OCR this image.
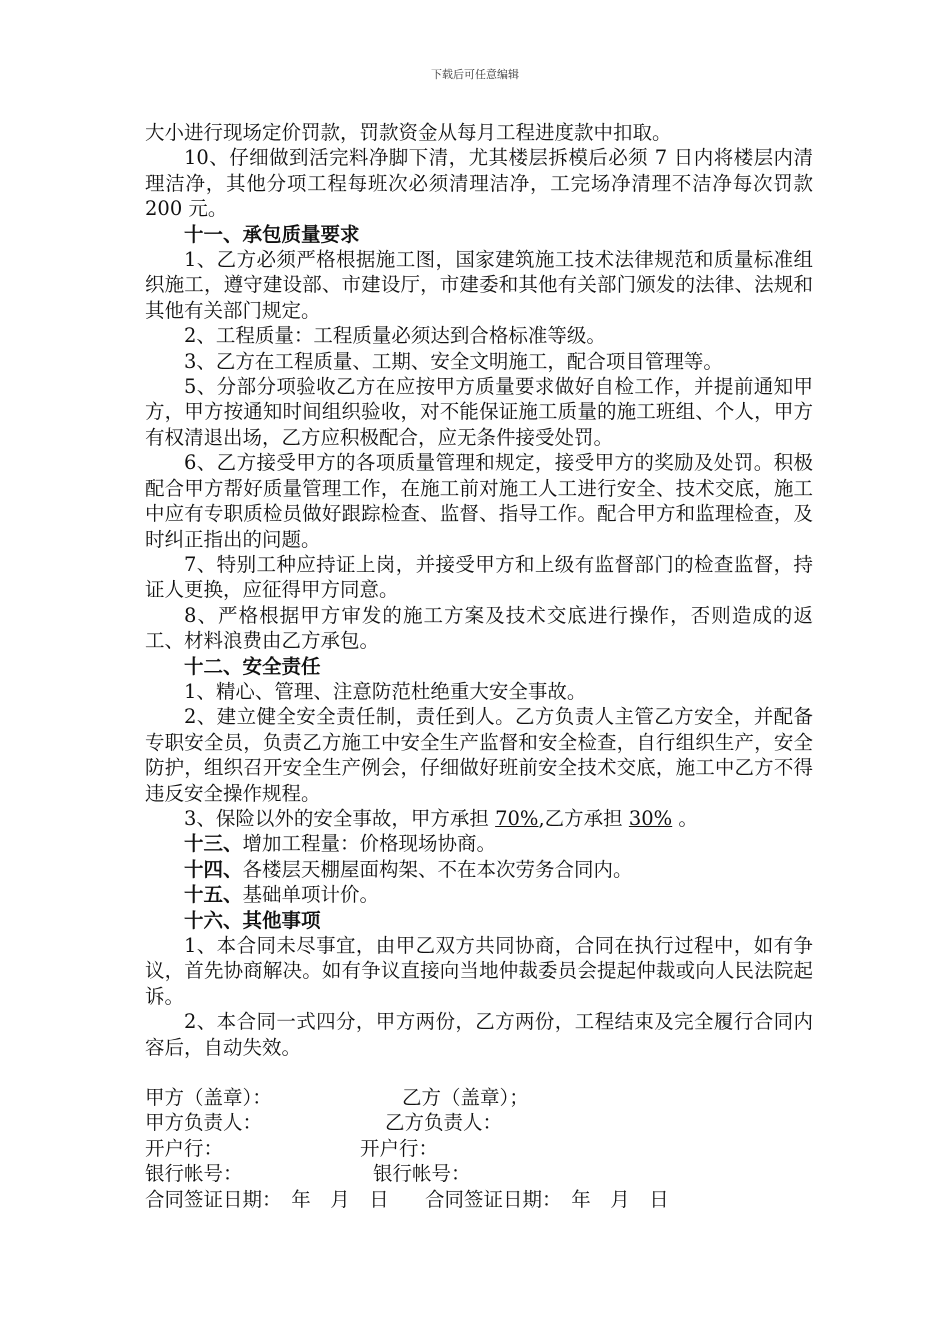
下载后可任意编辑

大小进行现场定价罚款，罚款资金从每月工程进度款中扣取。

10、仔细做到活完料净脚下清，尤其楼层拆模后必须 7 日内将楼层内清理洁净，其他分项工程每班次必须清理洁净，工完场净清理不洁净每次罚款 200 元。

十一、承包质量要求

1、乙方必须严格根据施工图，国家建筑施工技术法律规范和质量标准组织施工，遵守建设部、市建设厅，市建委和其他有关部门颁发的法律、法规和其他有关部门规定。

2、工程质量：工程质量必须达到合格标准等级。

3、乙方在工程质量、工期、安全文明施工，配合项目管理等。

5、分部分项验收乙方在应按甲方质量要求做好自检工作，并提前通知甲方，甲方按通知时间组织验收，对不能保证施工质量的施工班组、个人，甲方有权清退出场，乙方应积极配合，应无条件接受处罚。

6、乙方接受甲方的各项质量管理和规定，接受甲方的奖励及处罚。积极配合甲方帮好质量管理工作，在施工前对施工人工进行安全、技术交底，施工中应有专职质检员做好跟踪检查、监督、指导工作。配合甲方和监理检查，及时纠正指出的问题。

7、特别工种应持证上岗，并接受甲方和上级有监督部门的检查监督，持证人更换，应征得甲方同意。

8、严格根据甲方审发的施工方案及技术交底进行操作，否则造成的返工、材料浪费由乙方承包。

十二、安全责任

1、精心、管理、注意防范杜绝重大安全事故。

2、建立健全安全责任制，责任到人。乙方负责人主管乙方安全，并配备专职安全员，负责乙方施工中安全生产监督和安全检查，自行组织生产，安全防护，组织召开安全生产例会，仔细做好班前安全技术交底，施工中乙方不得违反安全操作规程。

3、保险以外的安全事故，甲方承担 70%,乙方承担 30% 。

十三、增加工程量：价格现场协商。

十四、各楼层天棚屋面构架、不在本次劳务合同内。

十五、基础单项计价。

十六、其他事项

1、本合同未尽事宜，由甲乙双方共同协商，合同在执行过程中，如有争议，首先协商解决。如有争议直接向当地仲裁委员会提起仲裁或向人民法院起诉。

2、本合同一式四分，甲方两份，乙方两份，工程结束及完全履行合同内容后，自动失效。

甲方（盖章）：	乙方（盖章）；
甲方负责人：	乙方负责人：
开户行：	开户行：
银行帐号：	银行帐号：
合同签证日期：　年　月　日 合同签证日期：　年　月　日
